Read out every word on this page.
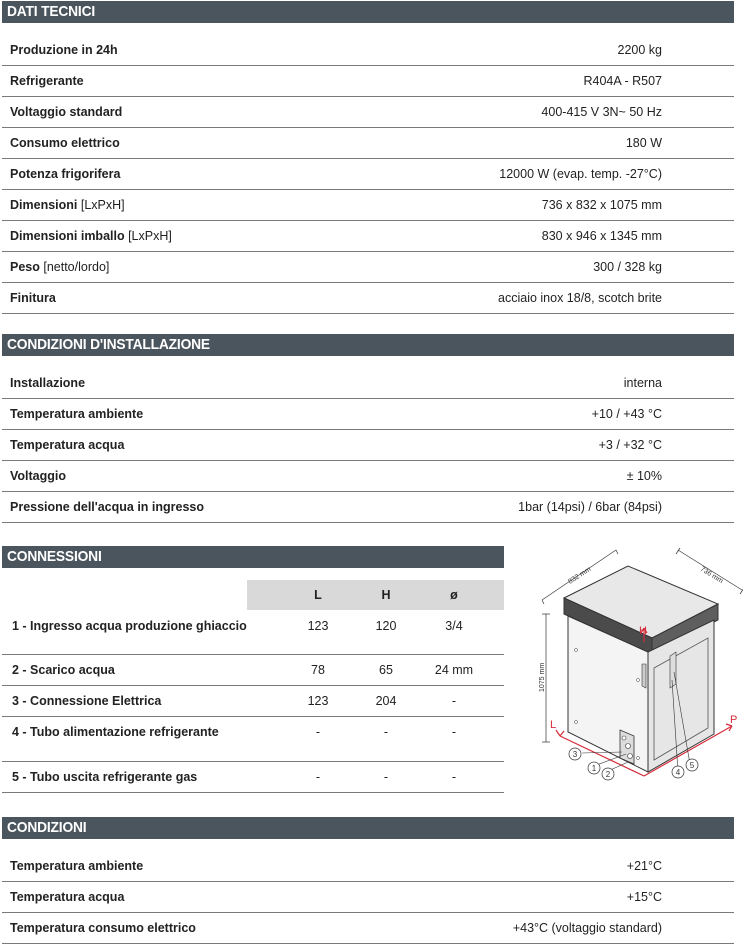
DATI TECNICI
Produzione in 24h	2200 kg
Refrigerante	R404A - R507
Voltaggio standard	400-415 V 3N~ 50 Hz
Consumo elettrico	180 W
Potenza frigorifera	12000 W (evap. temp. -27°C)
Dimensioni [LxPxH]	736 x 832 x 1075 mm
Dimensioni imballo [LxPxH]	830 x 946 x 1345 mm
Peso [netto/lordo]	300 / 328 kg
Finitura	acciaio inox 18/8, scotch brite
CONDIZIONI D'INSTALLAZIONE
Installazione	interna
Temperatura ambiente	+10 / +43 °C
Temperatura acqua	+3 / +32 °C
Voltaggio	± 10%
Pressione dell'acqua in ingresso	1bar (14psi) / 6bar (84psi)
CONNESSIONI
L	H	ø
1 - Ingresso acqua produzione ghiaccio	123	120	3/4
2 - Scarico acqua	78	65	24 mm
3 - Connessione Elettrica	123	204	-
4 - Tubo alimentazione refrigerante	-	-	-
5 - Tubo uscita refrigerante gas	-	-	-
832 mm	736 mm
1075 mm
H
L	P
3
1
2	4
5
CONDIZIONI
Temperatura ambiente	+21°C
Temperatura acqua	+15°C
Temperatura consumo elettrico	+43°C (voltaggio standard)
